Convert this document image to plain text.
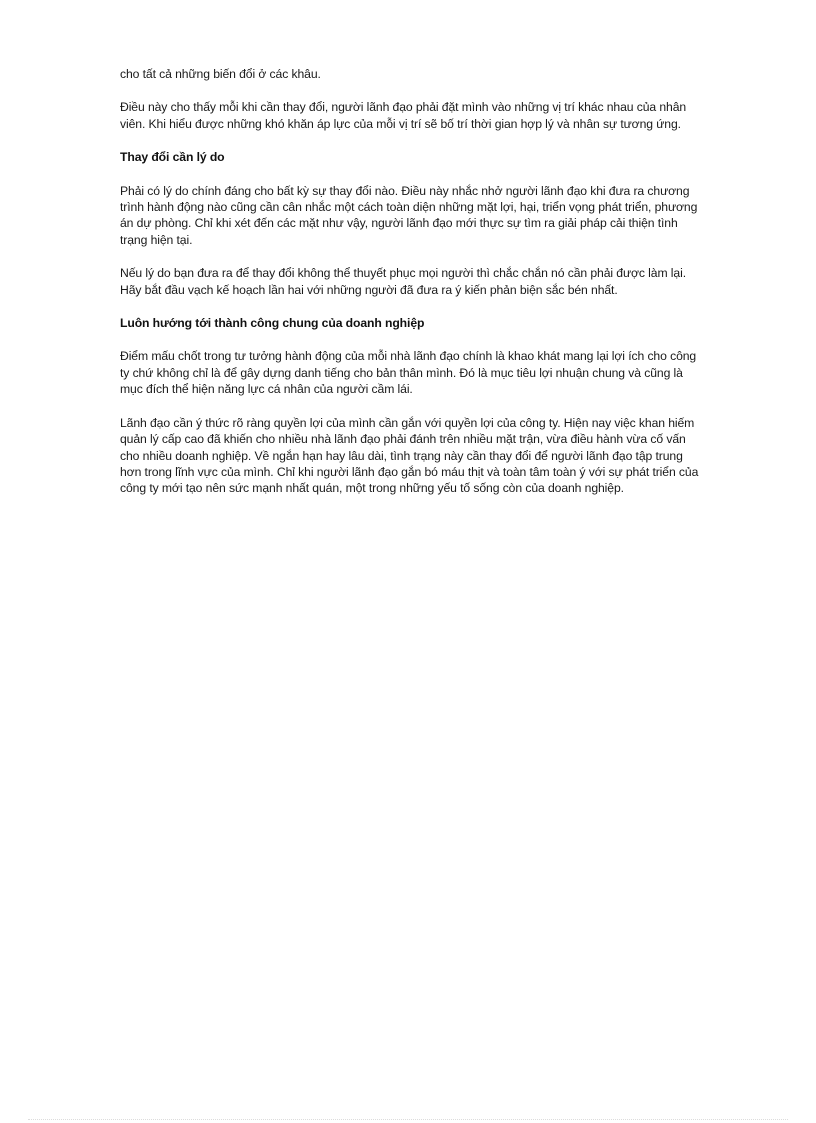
cho tất cả những biến đổi ở các khâu.

Điều này cho thấy mỗi khi cần thay đổi, người lãnh đạo phải đặt mình vào những vị trí khác nhau của nhân viên. Khi hiểu được những khó khăn áp lực của mỗi vị trí sẽ bố trí thời gian hợp lý và nhân sự tương ứng.

Thay đổi cần lý do

Phải có lý do chính đáng cho bất kỳ sự thay đổi nào. Điều này nhắc nhở người lãnh đạo khi đưa ra chương trình hành động nào cũng cần cân nhắc một cách toàn diện những mặt lợi, hại, triển vọng phát triển, phương án dự phòng. Chỉ khi xét đến các mặt như vậy, người lãnh đạo mới thực sự tìm ra giải pháp cải thiện tình trạng hiện tại.

Nếu lý do bạn đưa ra để thay đổi không thể thuyết phục mọi người thì chắc chắn nó cần phải được làm lại. Hãy bắt đầu vạch kế hoạch lần hai với những người đã đưa ra ý kiến phản biện sắc bén nhất.

Luôn hướng tới thành công chung của doanh nghiệp

Điểm mấu chốt trong tư tưởng hành động của mỗi nhà lãnh đạo chính là khao khát mang lại lợi ích cho công ty chứ không chỉ là để gây dựng danh tiếng cho bản thân mình. Đó là mục tiêu lợi nhuận chung và cũng là mục đích thể hiện năng lực cá nhân của người cầm lái.

Lãnh đạo cần ý thức rõ ràng quyền lợi của mình cần gắn với quyền lợi của công ty. Hiện nay việc khan hiếm quản lý cấp cao đã khiến cho nhiều nhà lãnh đạo phải đánh trên nhiều mặt trận, vừa điều hành vừa cố vấn cho nhiều doanh nghiệp. Về ngắn hạn hay lâu dài, tình trạng này cần thay đổi để người lãnh đạo tập trung hơn trong lĩnh vực của mình. Chỉ khi người lãnh đạo gắn bó máu thịt và toàn tâm toàn ý với sự phát triển của công ty mới tạo nên sức mạnh nhất quán, một trong những yếu tố sống còn của doanh nghiệp.
